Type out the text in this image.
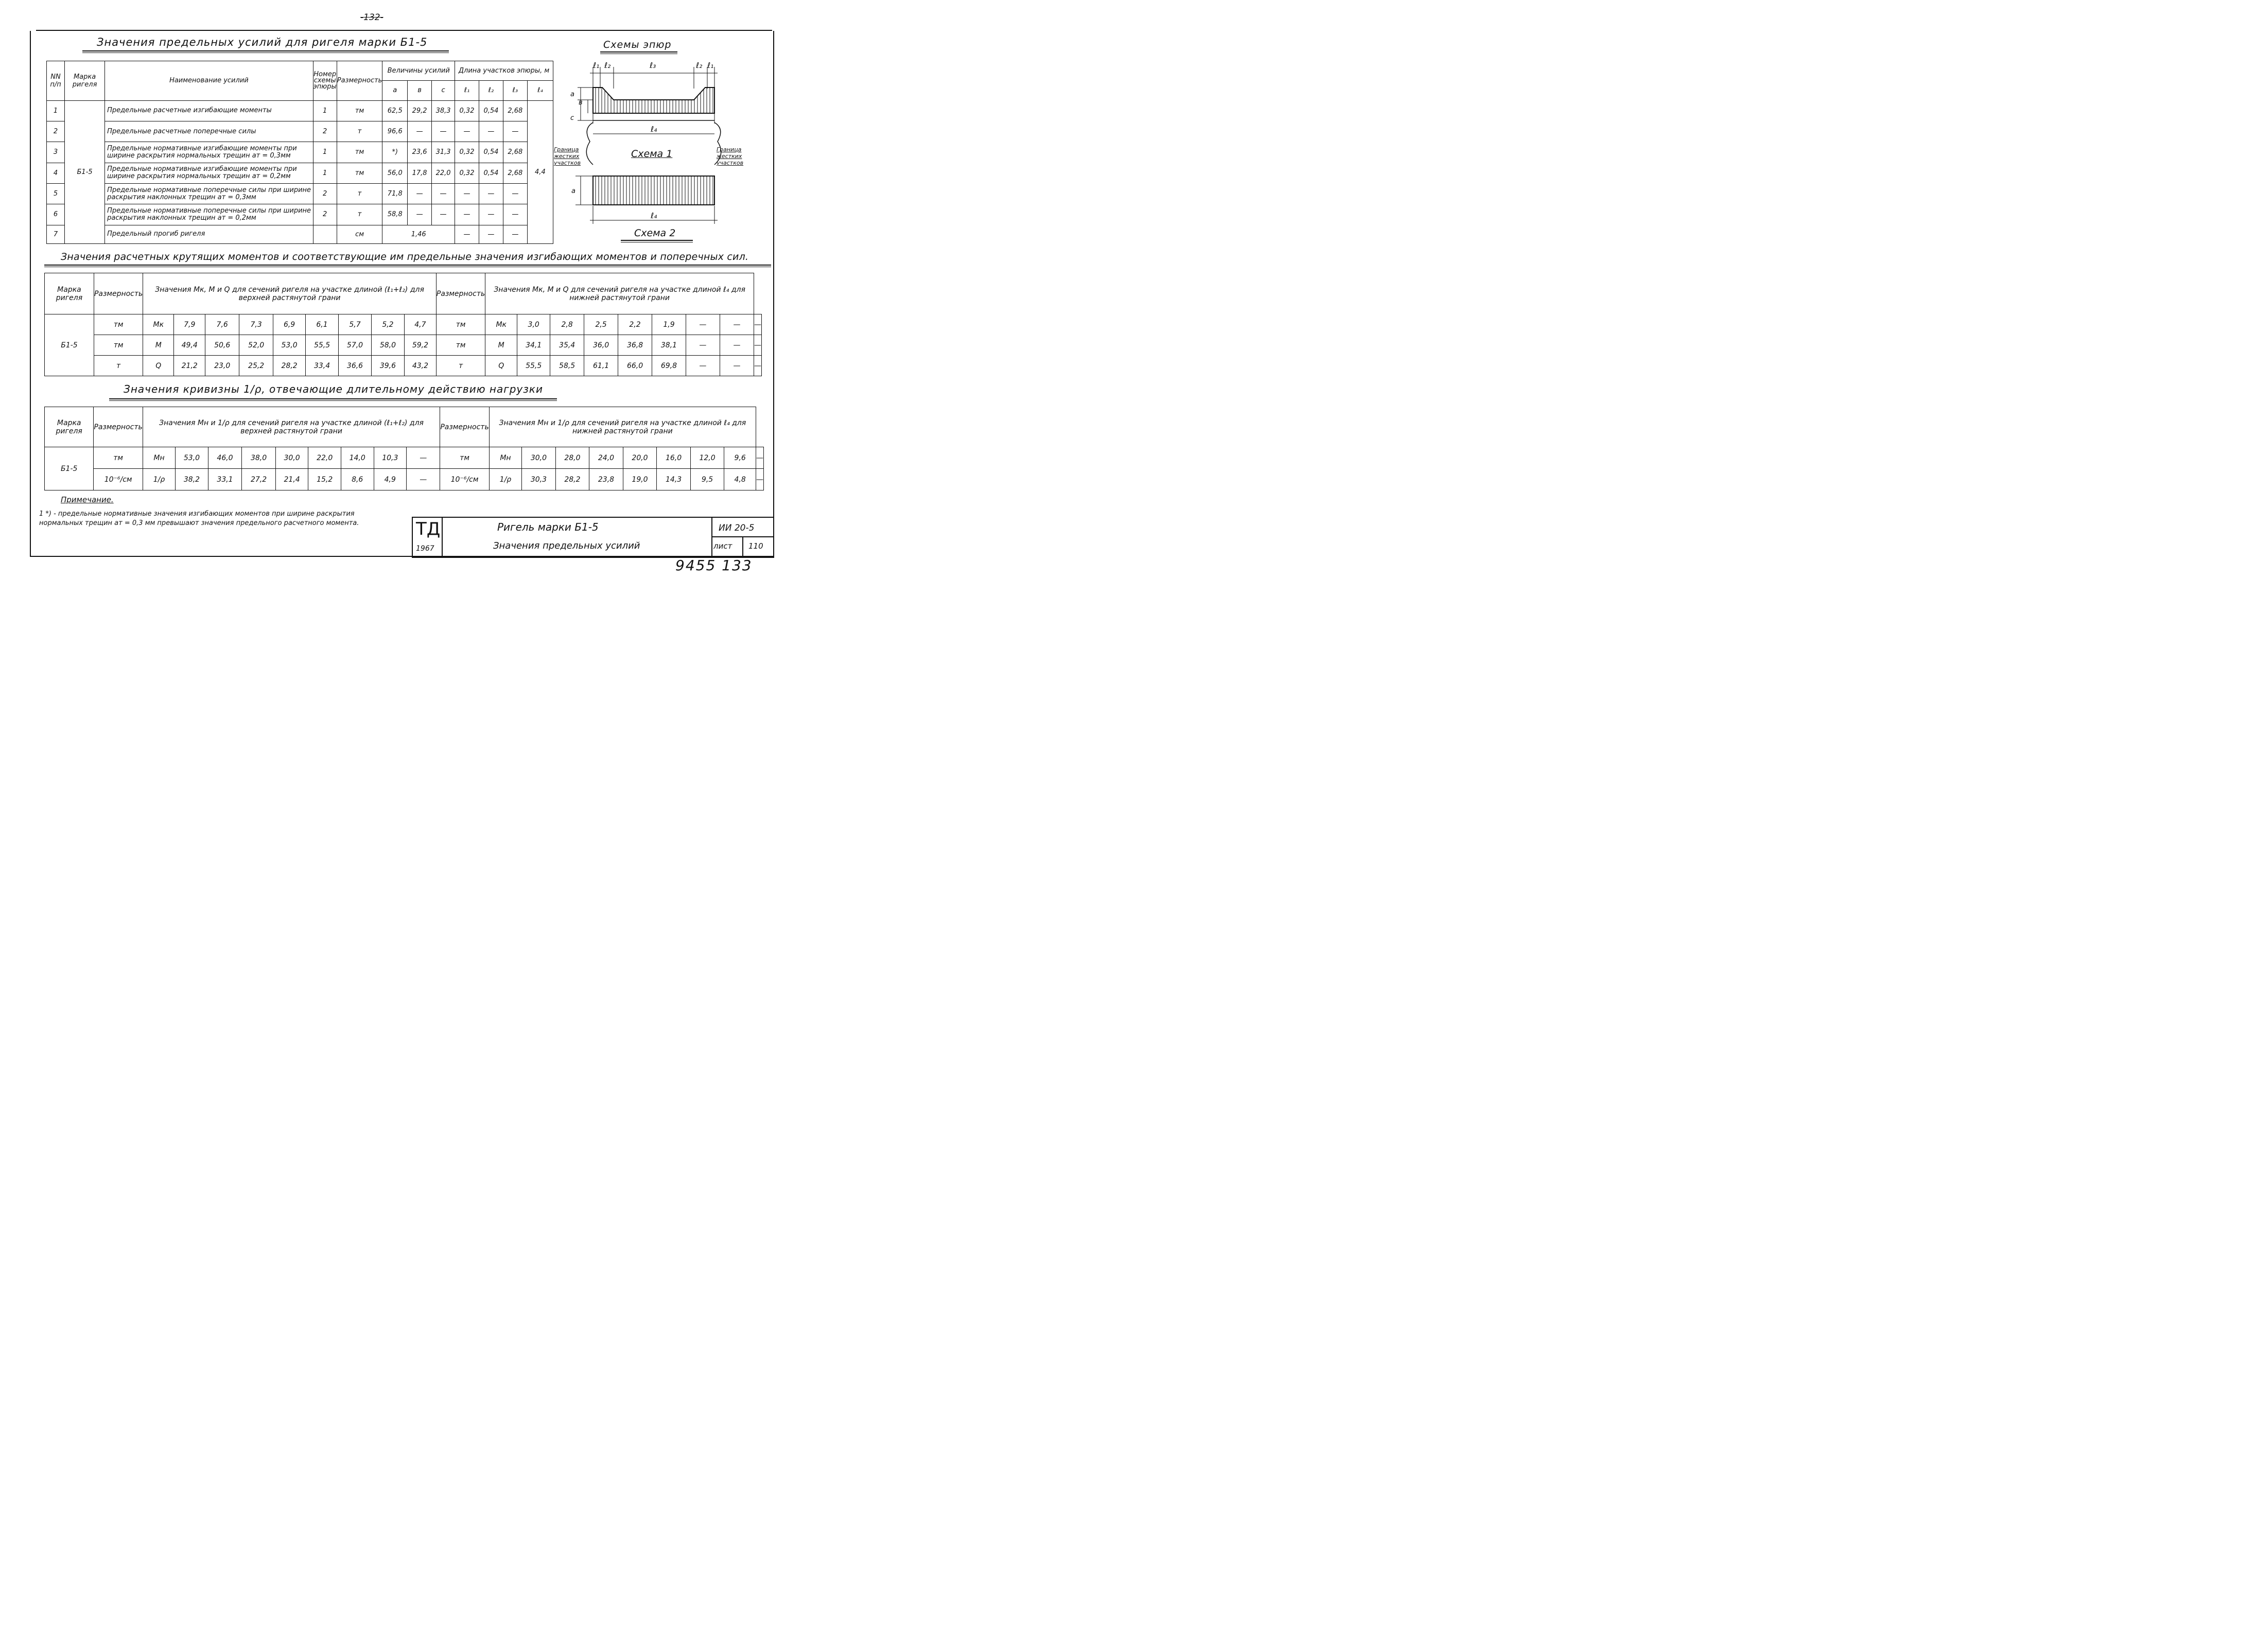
-132-
Значения предельных усилий для ригеля марки Б1-5
NN п/п	Марка ригеля	Наименование усилий	Номер схемы эпюры	Размерность	Величины усилий			Длина участков эпюры, м			
					a	в	c	ℓ₁	ℓ₂	ℓ₃	ℓ₄
1	Б1-5	Предельные расчетные изгибающие моменты	1	тм	62,5	29,2	38,3	0,32	0,54	2,68	4,4
2		Предельные расчетные поперечные силы	2	т	96,6	—	—	—	—	—	
3		Предельные нормативные изгибающие моменты при ширине раскрытия нормальных трещин aт = 0,3мм	1	тм	*)	23,6	31,3	0,32	0,54	2,68	
4		Предельные нормативные изгибающие моменты при ширине раскрытия нормальных трещин aт = 0,2мм	1	тм	56,0	17,8	22,0	0,32	0,54	2,68	
5		Предельные нормативные поперечные силы при ширине раскрытия наклонных трещин aт = 0,3мм	2	т	71,8	—	—	—	—	—	
6		Предельные нормативные поперечные силы при ширине раскрытия наклонных трещин aт = 0,2мм	2	т	58,8	—	—	—	—	—	
7		Предельный прогиб ригеля		см	1,46			—	—	—	
Схемы эпюр
ℓ₁ ℓ₂	ℓ₃	ℓ₂ ℓ₁
a
в
c
ℓ₄
Схема 1
Граница жестких участков
Граница жестких участков
a
ℓ₄
Схема 2
Значения расчетных крутящих моментов и соответствующие им предельные значения изгибающих моментов и поперечных сил.
Марка ригеля	Размерность	Значения Mк, M и Q для сечений ригеля на участке длиной (ℓ₁+ℓ₂) для верхней растянутой грани									Размерность	Значения Mк, M и Q для сечений ригеля на участке длиной ℓ₄ для нижней растянутой грани								
Б1-5	тм	Mк	7,9	7,6	7,3	6,9	6,1	5,7	5,2	4,7	тм	Mк	3,0	2,8	2,5	2,2	1,9	—	—	—
	тм	M	49,4	50,6	52,0	53,0	55,5	57,0	58,0	59,2	тм	M	34,1	35,4	36,0	36,8	38,1	—	—	—
	т	Q	21,2	23,0	25,2	28,2	33,4	36,6	39,6	43,2	т	Q	55,5	58,5	61,1	66,0	69,8	—	—	—
Значения кривизны 1/ρ, отвечающие длительному действию нагрузки
Марка ригеля	Размерность	Значения Mн и 1/ρ для сечений ригеля на участке длиной (ℓ₁+ℓ₂) для верхней растянутой грани									Размерность	Значения Mн и 1/ρ для сечений ригеля на участке длиной ℓ₄ для нижней растянутой грани								
Б1-5	тм	Mн	53,0	46,0	38,0	30,0	22,0	14,0	10,3	—	тм	Mн	30,0	28,0	24,0	20,0	16,0	12,0	9,6	—
	10⁻⁶/см	1/ρ	38,2	33,1	27,2	21,4	15,2	8,6	4,9	—	10⁻⁶/см	1/ρ	30,3	28,2	23,8	19,0	14,3	9,5	4,8	—
Примечание.
1 *) - предельные нормативные значения изгибающих моментов при ширине раскрытия нормальных трещин aт = 0,3 мм превышают значения предельного расчетного момента.	ТД
1967
Ригель марки Б1-5
Значения предельных усилий
ИИ 20-5
лист 110
9455 133
